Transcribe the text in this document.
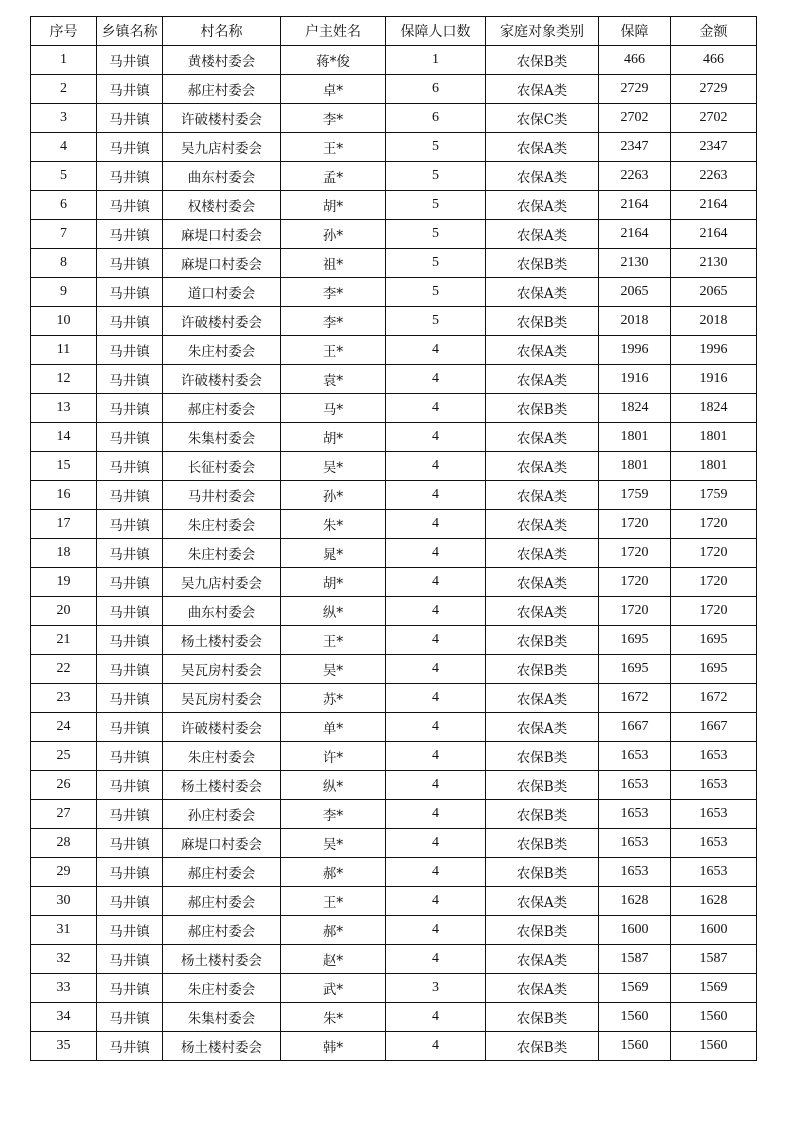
序号	乡镇名称	村名称	户主姓名	保障人口数	家庭对象类别	保障	金额
1	马井镇	黄楼村委会	蒋*俊	1	农保B类	466	466
2	马井镇	郝庄村委会	卓*	6	农保A类	2729	2729
3	马井镇	许破楼村委会	李*	6	农保C类	2702	2702
4	马井镇	吴九店村委会	王*	5	农保A类	2347	2347
5	马井镇	曲东村委会	孟*	5	农保A类	2263	2263
6	马井镇	权楼村委会	胡*	5	农保A类	2164	2164
7	马井镇	麻堤口村委会	孙*	5	农保A类	2164	2164
8	马井镇	麻堤口村委会	祖*	5	农保B类	2130	2130
9	马井镇	道口村委会	李*	5	农保A类	2065	2065
10	马井镇	许破楼村委会	李*	5	农保B类	2018	2018
11	马井镇	朱庄村委会	王*	4	农保A类	1996	1996
12	马井镇	许破楼村委会	袁*	4	农保A类	1916	1916
13	马井镇	郝庄村委会	马*	4	农保B类	1824	1824
14	马井镇	朱集村委会	胡*	4	农保A类	1801	1801
15	马井镇	长征村委会	吴*	4	农保A类	1801	1801
16	马井镇	马井村委会	孙*	4	农保A类	1759	1759
17	马井镇	朱庄村委会	朱*	4	农保A类	1720	1720
18	马井镇	朱庄村委会	晁*	4	农保A类	1720	1720
19	马井镇	吴九店村委会	胡*	4	农保A类	1720	1720
20	马井镇	曲东村委会	纵*	4	农保A类	1720	1720
21	马井镇	杨土楼村委会	王*	4	农保B类	1695	1695
22	马井镇	吴瓦房村委会	吴*	4	农保B类	1695	1695
23	马井镇	吴瓦房村委会	苏*	4	农保A类	1672	1672
24	马井镇	许破楼村委会	单*	4	农保A类	1667	1667
25	马井镇	朱庄村委会	许*	4	农保B类	1653	1653
26	马井镇	杨土楼村委会	纵*	4	农保B类	1653	1653
27	马井镇	孙庄村委会	李*	4	农保B类	1653	1653
28	马井镇	麻堤口村委会	吴*	4	农保B类	1653	1653
29	马井镇	郝庄村委会	郝*	4	农保B类	1653	1653
30	马井镇	郝庄村委会	王*	4	农保A类	1628	1628
31	马井镇	郝庄村委会	郝*	4	农保B类	1600	1600
32	马井镇	杨土楼村委会	赵*	4	农保A类	1587	1587
33	马井镇	朱庄村委会	武*	3	农保A类	1569	1569
34	马井镇	朱集村委会	朱*	4	农保B类	1560	1560
35	马井镇	杨土楼村委会	韩*	4	农保B类	1560	1560
